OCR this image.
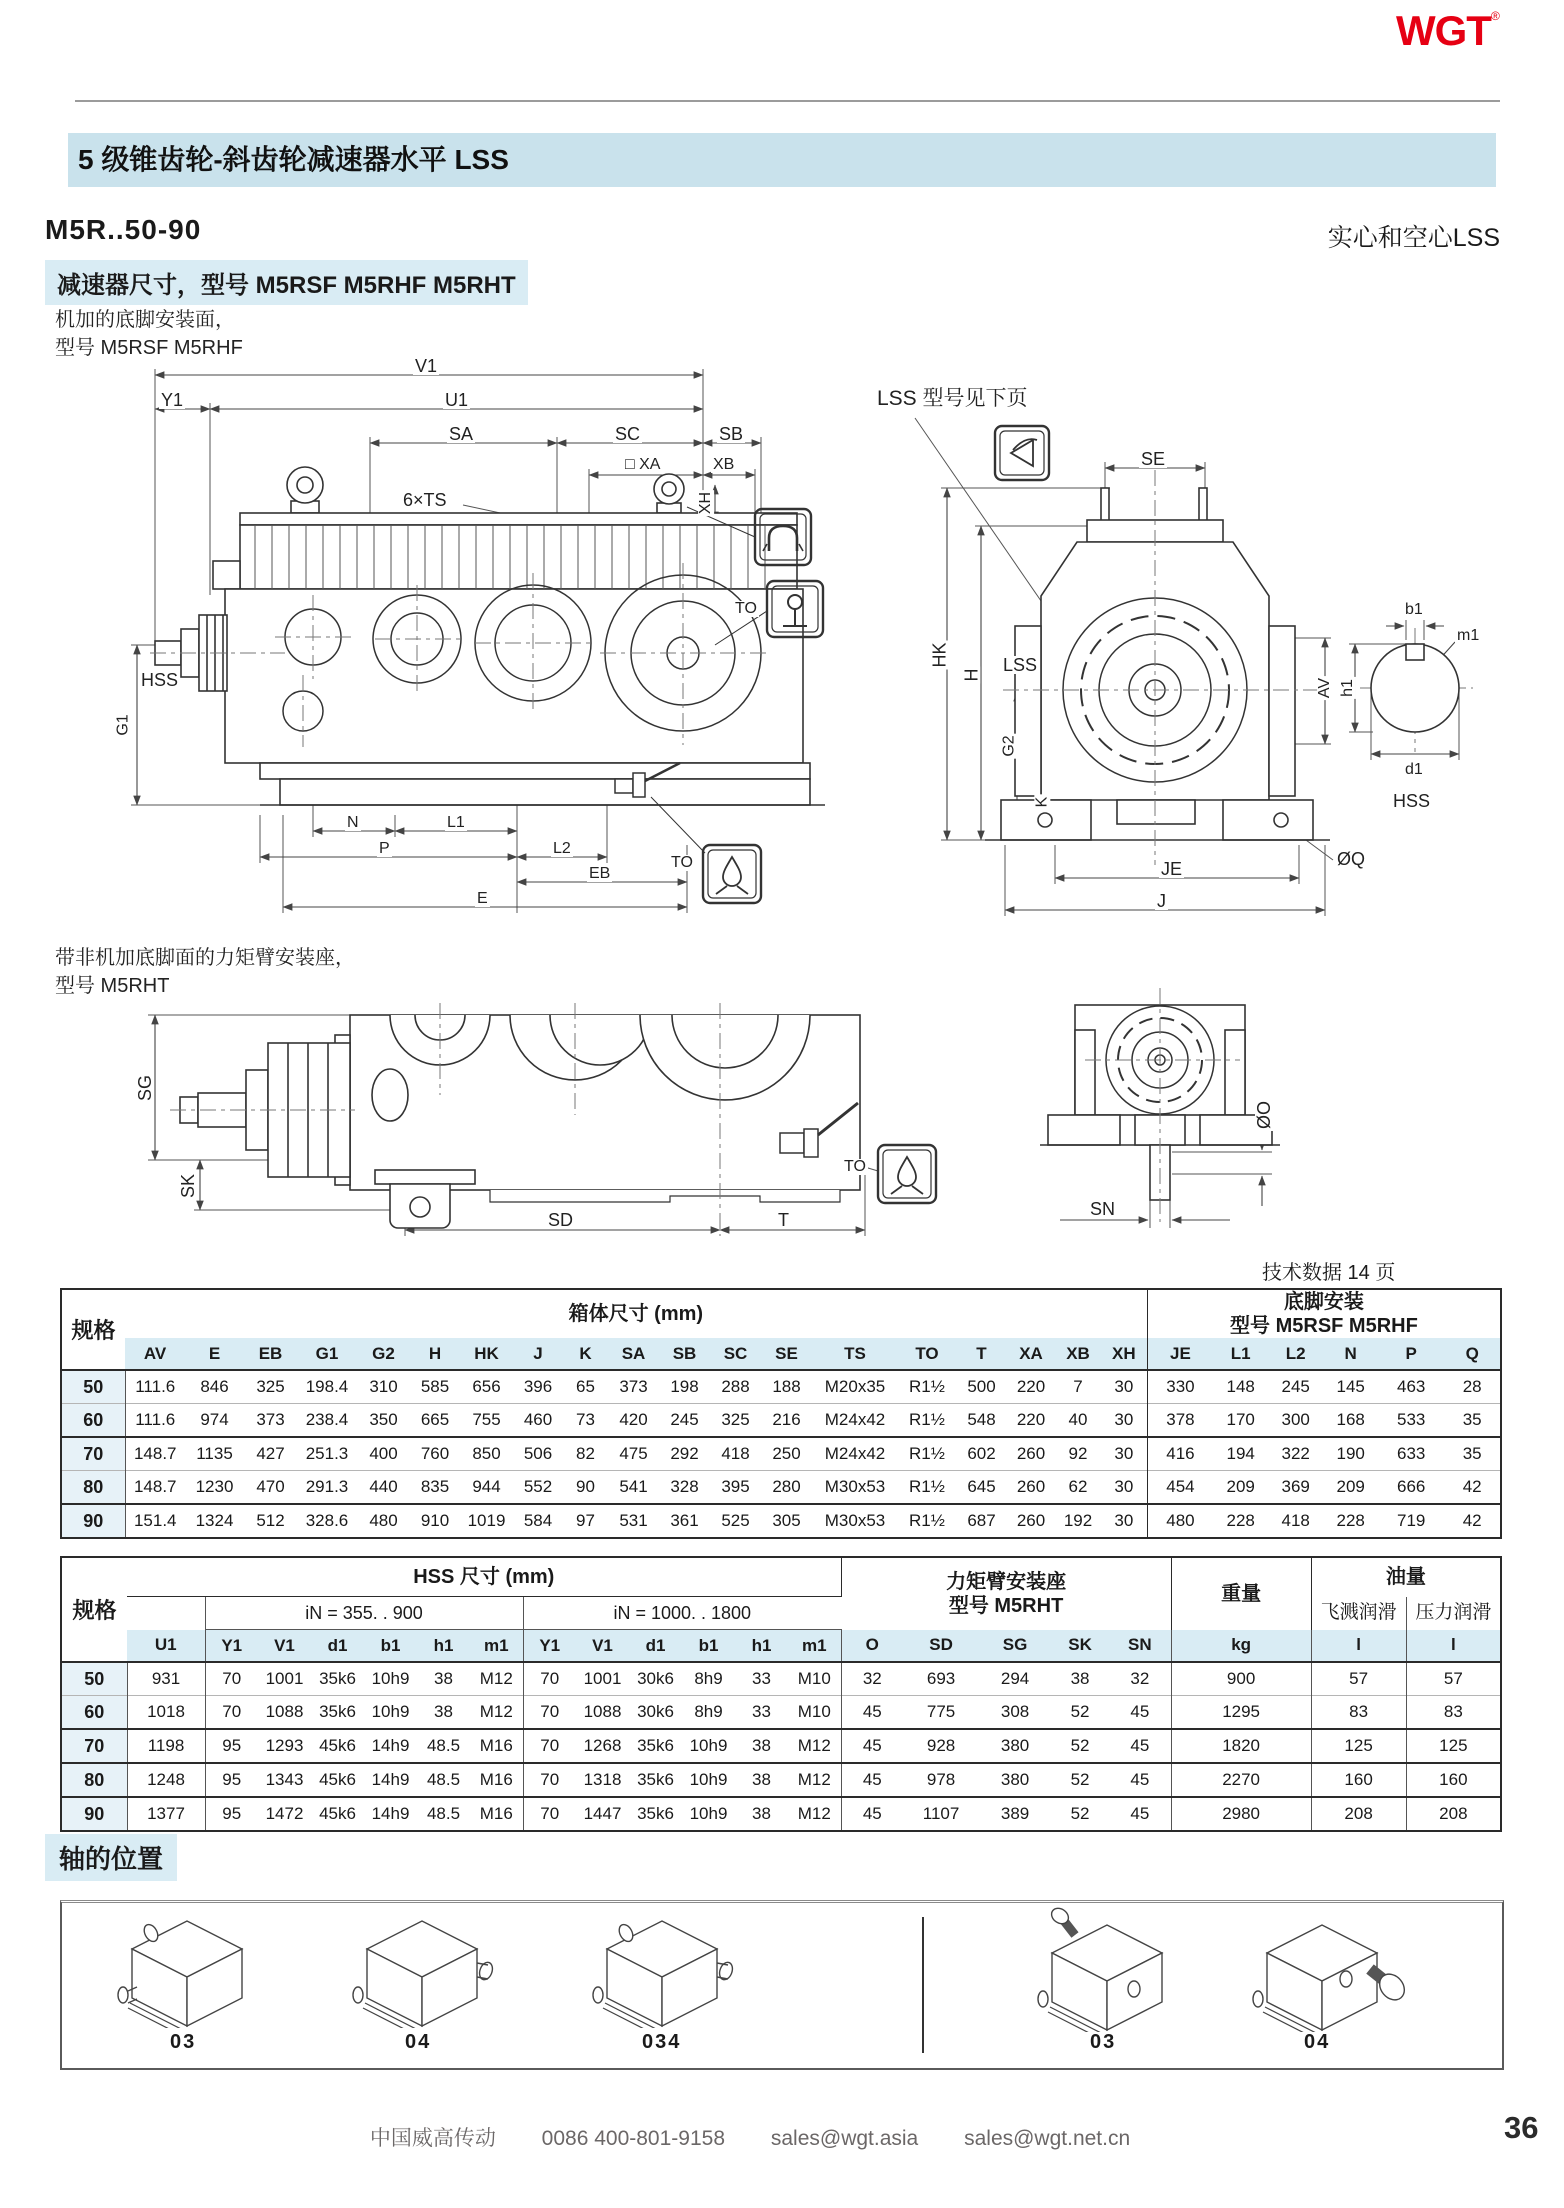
WGT®
5 级锥齿轮-斜齿轮减速器水平 LSS
M5R..50-90	实心和空心LSS
减速器尺寸，型号 M5RSF M5RHF M5RHT
机加的底脚安装面，
型号 M5RSF M5RHF
V1
Y1	U1
SA	SC	SB
□ XA	XB
XH
6×TS
HSS
G1
N	L1
P	L2
EB
E
TO
TO
LSS 型号见下页
SE
HK
H
G2
K
AV
LSS
JE
J
ØQ
b1
m1
h1
d1
HSS
带非机加底脚面的力矩臂安装座，
型号 M5RHT
SG
SK
SD	T
TO
ØO
SN
技术数据 14 页
规格	箱体尺寸 (mm)																			底脚安装
型号 M5RSF M5RHF					

	AV	E	EB	G1	G2	H	HK	J	K	SA	SB	SC	SE	TS	TO	T	XA	XB	XH	JE	L1	L2	N	P	Q
50	111.6	846	325	198.4	310	585	656	396	65	373	198	288	188	M20x35	R1½	500	220	7	30	330	148	245	145	463	28
60	111.6	974	373	238.4	350	665	755	460	73	420	245	325	216	M24x42	R1½	548	220	40	30	378	170	300	168	533	35
70	148.7	1135	427	251.3	400	760	850	506	82	475	292	418	250	M24x42	R1½	602	260	92	30	416	194	322	190	633	35
80	148.7	1230	470	291.3	440	835	944	552	90	541	328	395	280	M30x53	R1½	645	260	62	30	454	209	369	209	666	42
90	151.4	1324	512	328.6	480	910	1019	584	97	531	361	525	305	M30x53	R1½	687	260	192	30	480	228	418	228	719	42
规格	HSS 尺寸 (mm)													力矩臂安装座
型号 M5RHT					重量	油量	
		iN = 355. . 900						iN = 1000. . 1800												飞溅润滑	压力润滑
	U1	Y1	V1	d1	b1	h1	m1	Y1	V1	d1	b1	h1	m1	O	SD	SG	SK	SN	kg	l	l
50	931	70	1001	35k6	10h9	38	M12	70	1001	30k6	8h9	33	M10	32	693	294	38	32	900	57	57
60	1018	70	1088	35k6	10h9	38	M12	70	1088	30k6	8h9	33	M10	45	775	308	52	45	1295	83	83
70	1198	95	1293	45k6	14h9	48.5	M16	70	1268	35k6	10h9	38	M12	45	928	380	52	45	1820	125	125
80	1248	95	1343	45k6	14h9	48.5	M16	70	1318	35k6	10h9	38	M12	45	978	380	52	45	2270	160	160
90	1377	95	1472	45k6	14h9	48.5	M16	70	1447	35k6	10h9	38	M12	45	1107	389	52	45	2980	208	208
轴的位置
03	04	034	03	04
中国威高传动 0086 400-801-9158 sales@wgt.asia sales@wgt.net.cn	36
